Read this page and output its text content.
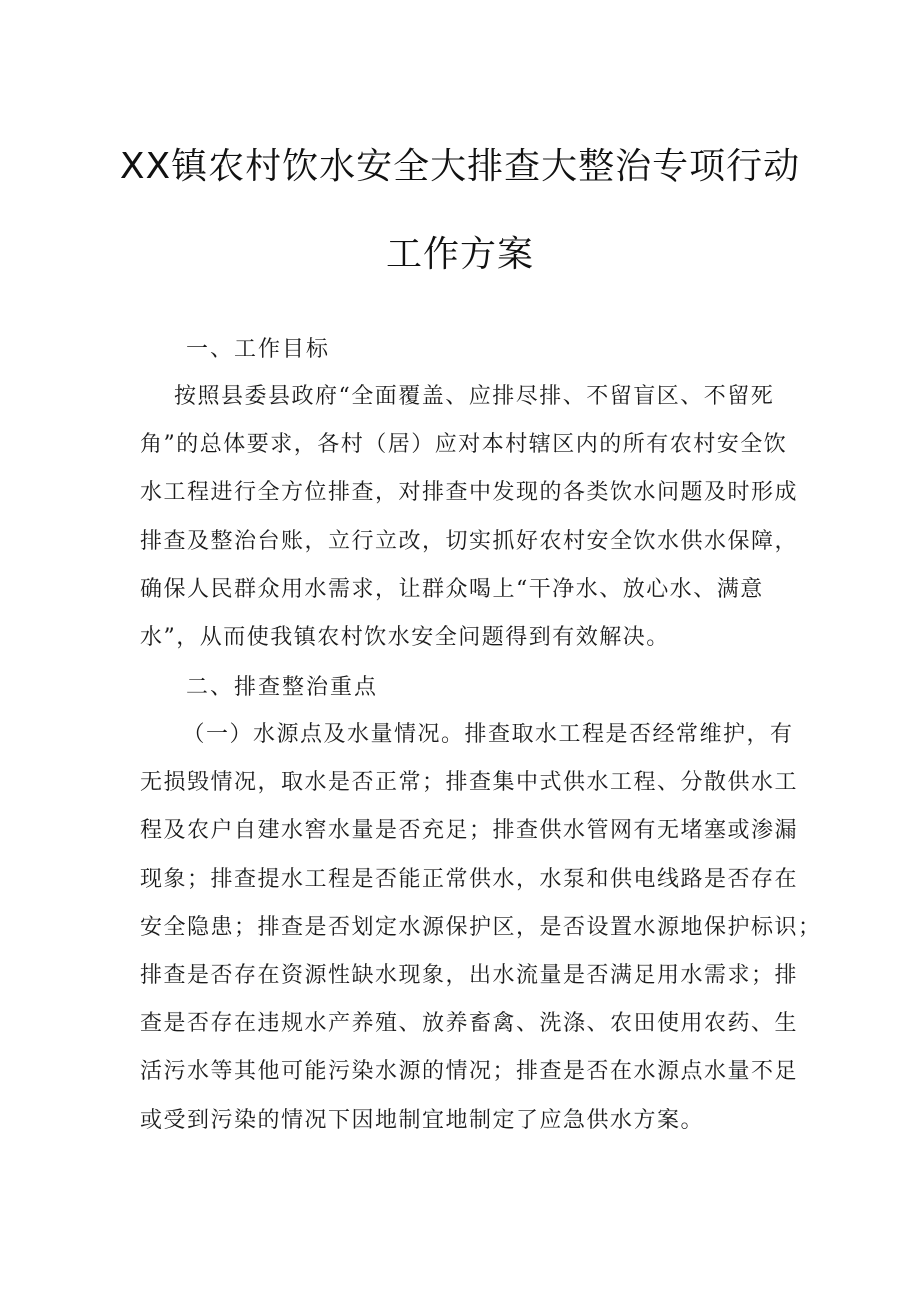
XX镇农村饮水安全大排查大整治专项行动
工作方案
一、工作目标
按照县委县政府“全面覆盖、应排尽排、不留盲区、不留死
角”的总体要求，各村（居）应对本村辖区内的所有农村安全饮
水工程进行全方位排查，对排查中发现的各类饮水问题及时形成
排查及整治台账，立行立改，切实抓好农村安全饮水供水保障，
确保人民群众用水需求，让群众喝上“干净水、放心水、满意
水”，从而使我镇农村饮水安全问题得到有效解决。
二、排查整治重点
（一）水源点及水量情况。排查取水工程是否经常维护，有
无损毁情况，取水是否正常；排查集中式供水工程、分散供水工
程及农户自建水窖水量是否充足；排查供水管网有无堵塞或渗漏
现象；排查提水工程是否能正常供水，水泵和供电线路是否存在
安全隐患；排查是否划定水源保护区，是否设置水源地保护标识；
排查是否存在资源性缺水现象，出水流量是否满足用水需求；排
查是否存在违规水产养殖、放养畜禽、洗涤、农田使用农药、生
活污水等其他可能污染水源的情况；排查是否在水源点水量不足
或受到污染的情况下因地制宜地制定了应急供水方案。
